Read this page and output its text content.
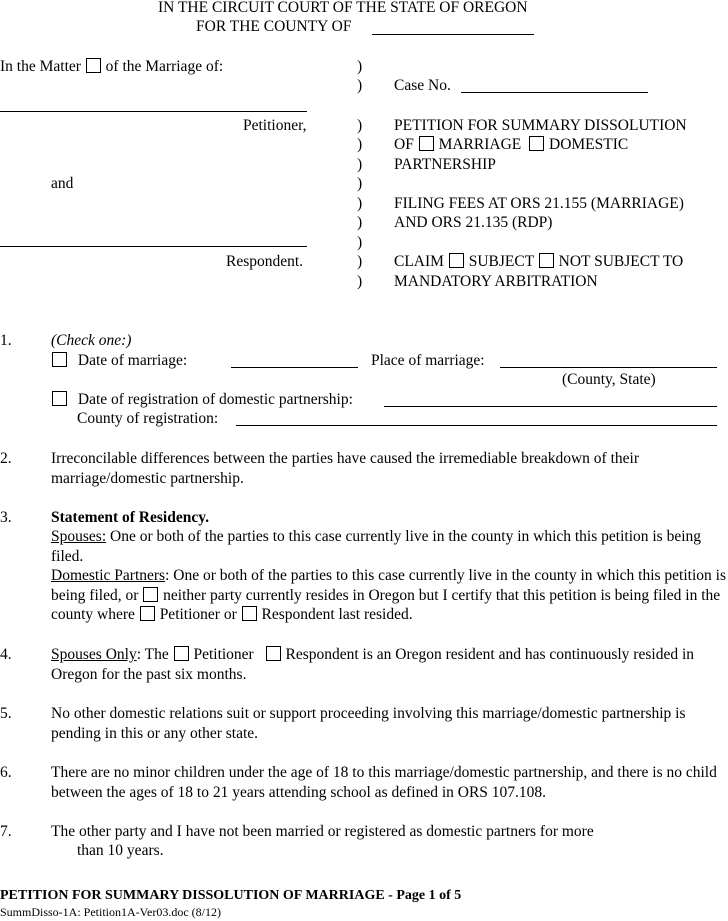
IN THE CIRCUIT COURT OF THE STATE OF OREGON
FOR THE COUNTY OF
In the Matter of the Marriage of:
Petitioner,
and
Respondent.
)
)
)
)
)
)
)
)
)
)
)
Case No.
PETITION FOR SUMMARY DISSOLUTION
OF MARRIAGE DOMESTIC
PARTNERSHIP
FILING FEES AT ORS 21.155 (MARRIAGE)
AND ORS 21.135 (RDP)
CLAIM SUBJECT NOT SUBJECT TO
MANDATORY ARBITRATION
1.	(Check one:)
Date of marriage:	Place of marriage:
(County, State)
Date of registration of domestic partnership:
County of registration:
2.	Irreconcilable differences between the parties have caused the irremediable breakdown of their marriage/domestic partnership.
3.	Statement of Residency.
Spouses: One or both of the parties to this case currently live in the county in which this petition is being filed.
Domestic Partners: One or both of the parties to this case currently live in the county in which this petition is being filed, or neither party currently resides in Oregon but I certify that this petition is being filed in the county where Petitioner or Respondent last resided.
4.	Spouses Only: The Petitioner Respondent is an Oregon resident and has continuously resided in Oregon for the past six months.
5.	No other domestic relations suit or support proceeding involving this marriage/domestic partnership is pending in this or any other state.
6.	There are no minor children under the age of 18 to this marriage/domestic partnership, and there is no child between the ages of 18 to 21 years attending school as defined in ORS 107.108.
7.	The other party and I have not been married or registered as domestic partners for more
than 10 years.
PETITION FOR SUMMARY DISSOLUTION OF MARRIAGE - Page 1 of 5
SummDisso-1A: Petition1A-Ver03.doc (8/12)
